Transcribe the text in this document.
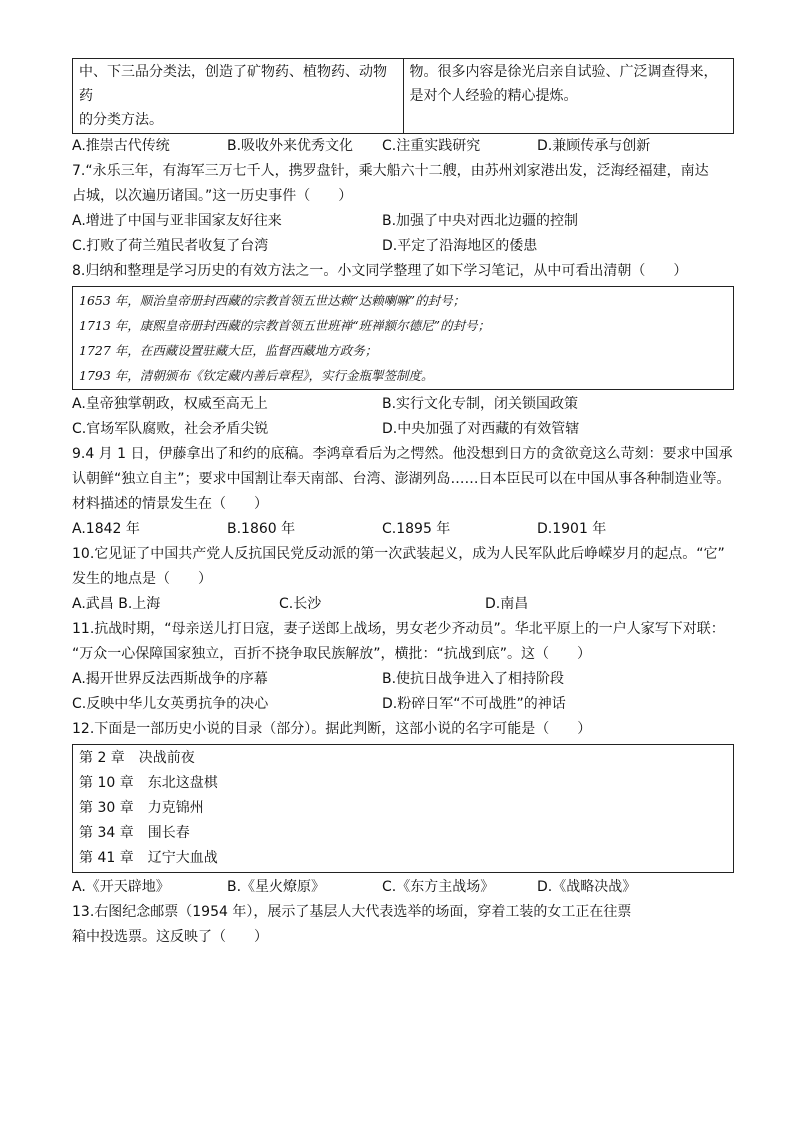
中、下三品分类法，创造了矿物药、植物药、动物药
的分类方法。

物。很多内容是徐光启亲自试验、广泛调查得来，
是对个人经验的精心提炼。
A.推崇古代传统	B.吸收外来优秀文化	C.注重实践研究	D.兼顾传承与创新
7.“永乐三年，有海军三万七千人，携罗盘针，乘大船六十二艘，由苏州刘家港出发，泛海经福建，南达
占城，以次遍历诸国。”这一历史事件（　　）
A.增进了中国与亚非国家友好往来	B.加强了中央对西北边疆的控制
C.打败了荷兰殖民者收复了台湾	D.平定了沿海地区的倭患
8.归纳和整理是学习历史的有效方法之一。小文同学整理了如下学习笔记，从中可看出清朝（　　）
1653 年，顺治皇帝册封西藏的宗教首领五世达赖“达赖喇嘛”的封号；
1713 年，康熙皇帝册封西藏的宗教首领五世班禅“班禅额尔德尼”的封号；
1727 年，在西藏设置驻藏大臣，监督西藏地方政务；
1793 年，清朝颁布《钦定藏内善后章程》，实行金瓶掣签制度。
A.皇帝独掌朝政，权威至高无上	B.实行文化专制，闭关锁国政策
C.官场军队腐败，社会矛盾尖锐	D.中央加强了对西藏的有效管辖
9.4 月 1 日，伊藤拿出了和约的底稿。李鸿章看后为之愕然。他没想到日方的贪欲竟这么苛刻：要求中国承
认朝鲜“独立自主”；要求中国割让奉天南部、台湾、澎湖列岛……日本臣民可以在中国从事各种制造业等。
材料描述的情景发生在（　　）
A.1842 年	B.1860 年	C.1895 年	D.1901 年
10.它见证了中国共产党人反抗国民党反动派的第一次武装起义，成为人民军队此后峥嵘岁月的起点。“它”
发生的地点是（　　）
A.武昌 B.上海	C.长沙	D.南昌
11.抗战时期，“母亲送儿打日寇，妻子送郎上战场，男女老少齐动员”。华北平原上的一户人家写下对联：
“万众一心保障国家独立，百折不挠争取民族解放”，横批：“抗战到底”。这（　　）
A.揭开世界反法西斯战争的序幕	B.使抗日战争进入了相持阶段
C.反映中华儿女英勇抗争的决心	D.粉碎日军“不可战胜”的神话
12.下面是一部历史小说的目录（部分）。据此判断，这部小说的名字可能是（　　）
第 2 章　决战前夜
第 10 章　东北这盘棋
第 30 章　力克锦州
第 34 章　围长春
第 41 章　辽宁大血战
A.《开天辟地》	B.《星火燎原》	C.《东方主战场》	D.《战略决战》
13.右图纪念邮票（1954 年），展示了基层人大代表选举的场面，穿着工装的女工正在往票
箱中投选票。这反映了（　　）
